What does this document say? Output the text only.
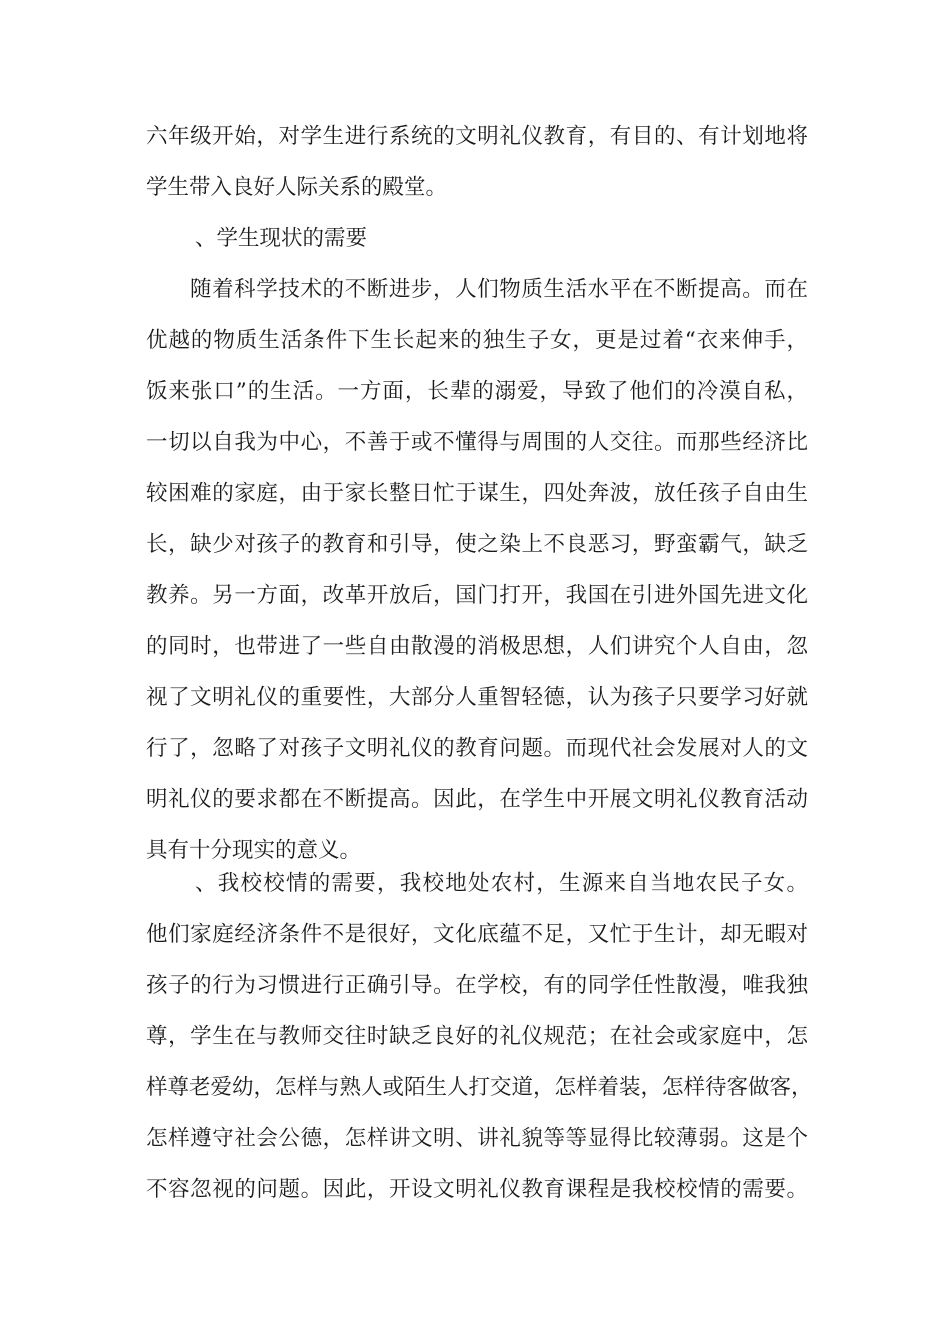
六年级开始，对学生进行系统的文明礼仪教育，有目的、有计划地将
学生带入良好人际关系的殿堂。
、学生现状的需要
随着科学技术的不断进步，人们物质生活水平在不断提高。而在
优越的物质生活条件下生长起来的独生子女，更是过着“衣来伸手，
饭来张口”的生活。一方面，长辈的溺爱，导致了他们的冷漠自私，
一切以自我为中心，不善于或不懂得与周围的人交往。而那些经济比
较困难的家庭，由于家长整日忙于谋生，四处奔波，放任孩子自由生
长，缺少对孩子的教育和引导，使之染上不良恶习，野蛮霸气，缺乏
教养。另一方面，改革开放后，国门打开，我国在引进外国先进文化
的同时，也带进了一些自由散漫的消极思想，人们讲究个人自由，忽
视了文明礼仪的重要性，大部分人重智轻德，认为孩子只要学习好就
行了，忽略了对孩子文明礼仪的教育问题。而现代社会发展对人的文
明礼仪的要求都在不断提高。因此，在学生中开展文明礼仪教育活动
具有十分现实的意义。
、我校校情的需要，我校地处农村，生源来自当地农民子女。
他们家庭经济条件不是很好，文化底蕴不足，又忙于生计，却无暇对
孩子的行为习惯进行正确引导。在学校，有的同学任性散漫，唯我独
尊，学生在与教师交往时缺乏良好的礼仪规范；在社会或家庭中，怎
样尊老爱幼，怎样与熟人或陌生人打交道，怎样着装，怎样待客做客，
怎样遵守社会公德，怎样讲文明、讲礼貌等等显得比较薄弱。这是个
不容忽视的问题。因此，开设文明礼仪教育课程是我校校情的需要。
